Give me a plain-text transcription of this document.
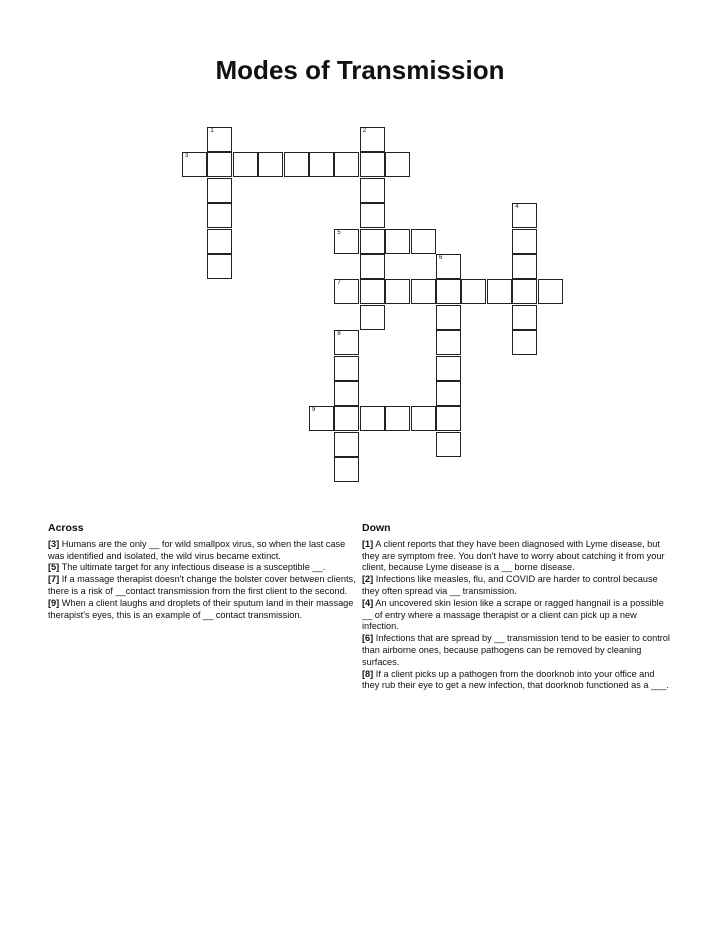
Modes of Transmission
3
5
7
9
1	2
4
6
8
Across

[3] Humans are the only __ for wild smallpox virus, so when the last case was identified and isolated, the wild virus became extinct.

[5] The ultimate target for any infectious disease is a susceptible __.

[7] If a massage therapist doesn't change the bolster cover between clients, there is a risk of __contact transmission from the first client to the second.

[9] When a client laughs and droplets of their sputum land in their massage therapist's eyes, this is an example of __ contact transmission.

Down

[1] A client reports that they have been diagnosed with Lyme disease, but they are symptom free. You don't have to worry about catching it from your client, because Lyme disease is a __ borne disease.

[2] Infections like measles, flu, and COVID are harder to control because they often spread via __ transmission.

[4] An uncovered skin lesion like a scrape or ragged hangnail is a possible __ of entry where a massage therapist or a client can pick up a new infection.

[6] Infections that are spread by __ transmission tend to be easier to control than airborne ones, because pathogens can be removed by cleaning surfaces.

[8] If a client picks up a pathogen from the doorknob into your office and they rub their eye to get a new infection, that doorknob functioned as a ___.
